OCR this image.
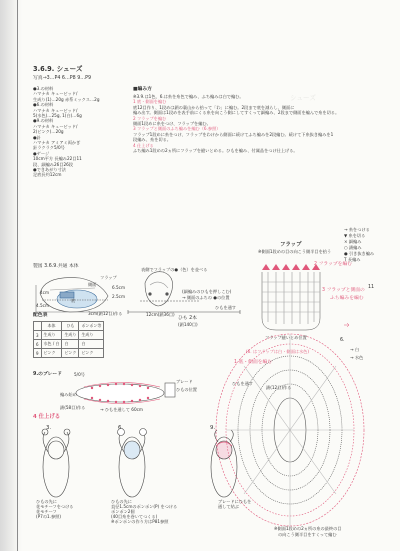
3.6.9. シューズ
写真→3…P4 6…P8 9…P9
●3.の材料
ハマナカ キュービッド/
生成り(1)…20g 赤系ミックス…2g
●6.の材料
ハマナカ キュービッド/
5(水色)…25g, 1(白)…6g
●9.の材料
ハマナカ キュービッド/
2(ピンク)…20g
●針
ハマナカ アミアミ両かぎ
針ラクラク5/0号
●ゲージ
10cm平方 長編み22目11
段、細編み26目26段
●できあがり寸法
足底長約12cm
■編み方
※3.9.は1色、6.は糸を糸色で編み、ふち編みは白で編む。
1 底・側面を編む
底12目作り、1段めは鎖の裏山から拾って「わ」に編む。2段まで底を減らし、側面に
編み出す。側面は1段めを表手前にくる糸を向こう側にしてすくって細編み、2段まで側面を編んで糸を切る。
2 フラップを編む
側面1段めに糸をつけ、フラップを編む。
3 フラップと側面のふち編みを編む（6.参照）
フラップ1段めに糸をつけ、フラップをわけから側面に続けてふち編みを2段編む。続けて下糸抜き編みを1
段編み、糸を切る。
4 仕上げる
ふち編み1段めの2ヵ所にフラップを縫いとめる。ひもを編み、付属品をつけ仕上げる。
シューズ
製図 3.6.9.共通 本体
表側でフラップの●（色）を並べる
(細編みのひもを押しこむ)
→ 側面のふちの ●の位置
ひもを通す
ひも 2本
(鎖140目)
6.5cm
2.5cm
側面
底
4.5cm
4cm
3cm(鎖12目)作る	12cm(鎖36目)
フラップ
配色表
	本体	ひも	ポンポン等
3	生成り	生成り	生成り
6	水色 / 白	白	白
9	ピンク	ピンク	ピンク
9.のブレード	5/0号
編み始め
ブレード
鎖(58目)作る
ひもの位置
→ ひもを通して 60cm
4 仕上げる
3.	6.	9.
ひもの先に
花モチーフをつける
花モチーフ
(P7の1.参照)
ひもの先に
直径1.5cmのポンポン(P) をつける
ポンポン2個
(40目糸を巻いてつくる)
※ポンポンの作り方はP81参照
ブレードにひもを
通して結ぶ
フラップ
※側面1段めの目の向こう側半目を拾う
2 フラップを編む
3 フラップと側面の
ふち編みを編む
(6. はフラップは白・側面は水色)
1 底・側面を編む
6.
→ 白
→ 水色
フラップ縫いとめ位置
ひもを通す
鎖(12目)作る
※側面1段めの2ヵ所の糸の最終の目
の向こう側半目をすくって編む
11
→ 糸をつける
▼ 糸を切る
× 細編み
○ 鎖編み
● 引き抜き編み
T 長編み
